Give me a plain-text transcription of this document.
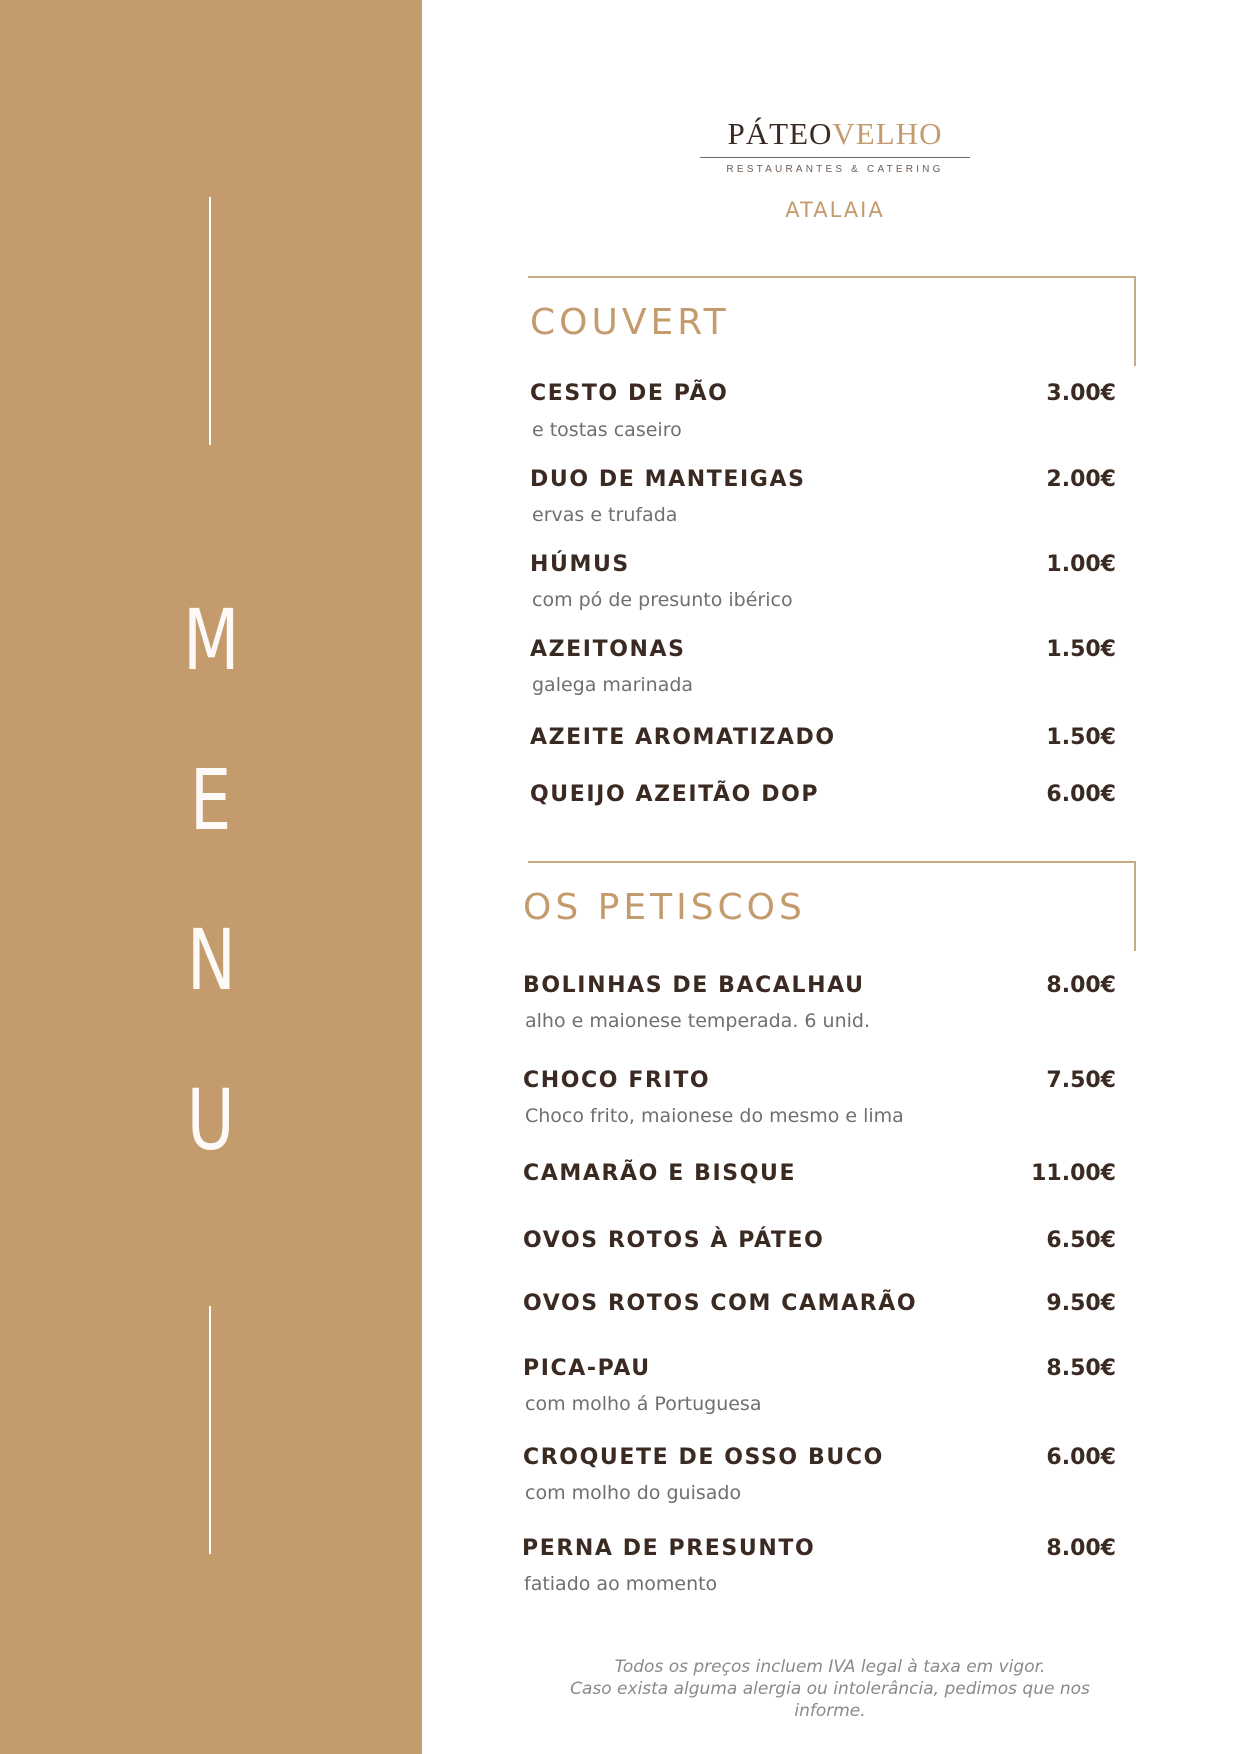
M
E
N
U
PÁTEOVELHO
RESTAURANTES & CATERING
ATALAIA
COUVERT
CESTO DE PÃO	3.00€
e tostas caseiro
DUO DE MANTEIGAS	2.00€
ervas e trufada
HÚMUS	1.00€
com pó de presunto ibérico
AZEITONAS	1.50€
galega marinada
AZEITE AROMATIZADO	1.50€
QUEIJO AZEITÃO DOP	6.00€
OS PETISCOS
BOLINHAS DE BACALHAU	8.00€
alho e maionese temperada. 6 unid.
CHOCO FRITO	7.50€
Choco frito, maionese do mesmo e lima
CAMARÃO E BISQUE	11.00€
OVOS ROTOS À PÁTEO	6.50€
OVOS ROTOS COM CAMARÃO	9.50€
PICA-PAU	8.50€
com molho á Portuguesa
CROQUETE DE OSSO BUCO	6.00€
com molho do guisado
PERNA DE PRESUNTO	8.00€
fatiado ao momento
Todos os preços incluem IVA legal à taxa em vigor.
Caso exista alguma alergia ou intolerância, pedimos que nos informe.
